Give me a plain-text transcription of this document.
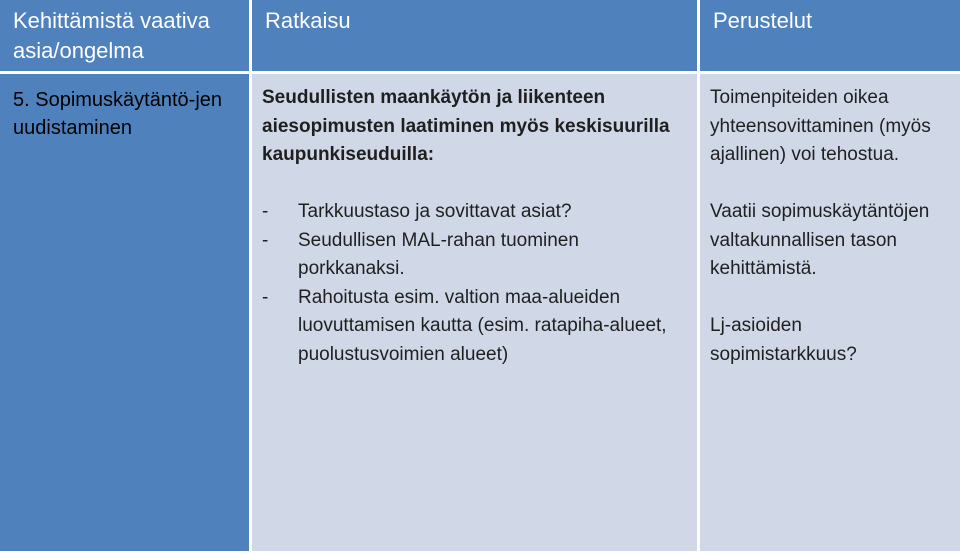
Kehittämistä vaativa asia/ongelma
Ratkaisu	Perustelut
5. Sopimuskäytäntö-jen uudistaminen

Seudullisten maankäytön ja liikenteen aiesopimusten laatiminen myös keskisuurilla kaupunkiseuduilla:

- Tarkkuustaso ja sovittavat asiat?
- Seudullisen MAL-rahan tuominen porkkanaksi.
- Rahoitusta esim. valtion maa-alueiden luovuttamisen kautta (esim. ratapiha-alueet, puolustusvoimien alueet)

Toimenpiteiden oikea yhteensovittaminen (myös ajallinen) voi tehostua.

Vaatii sopimuskäytäntöjen valtakunnallisen tason kehittämistä.

Lj-asioiden sopimistarkkuus?
